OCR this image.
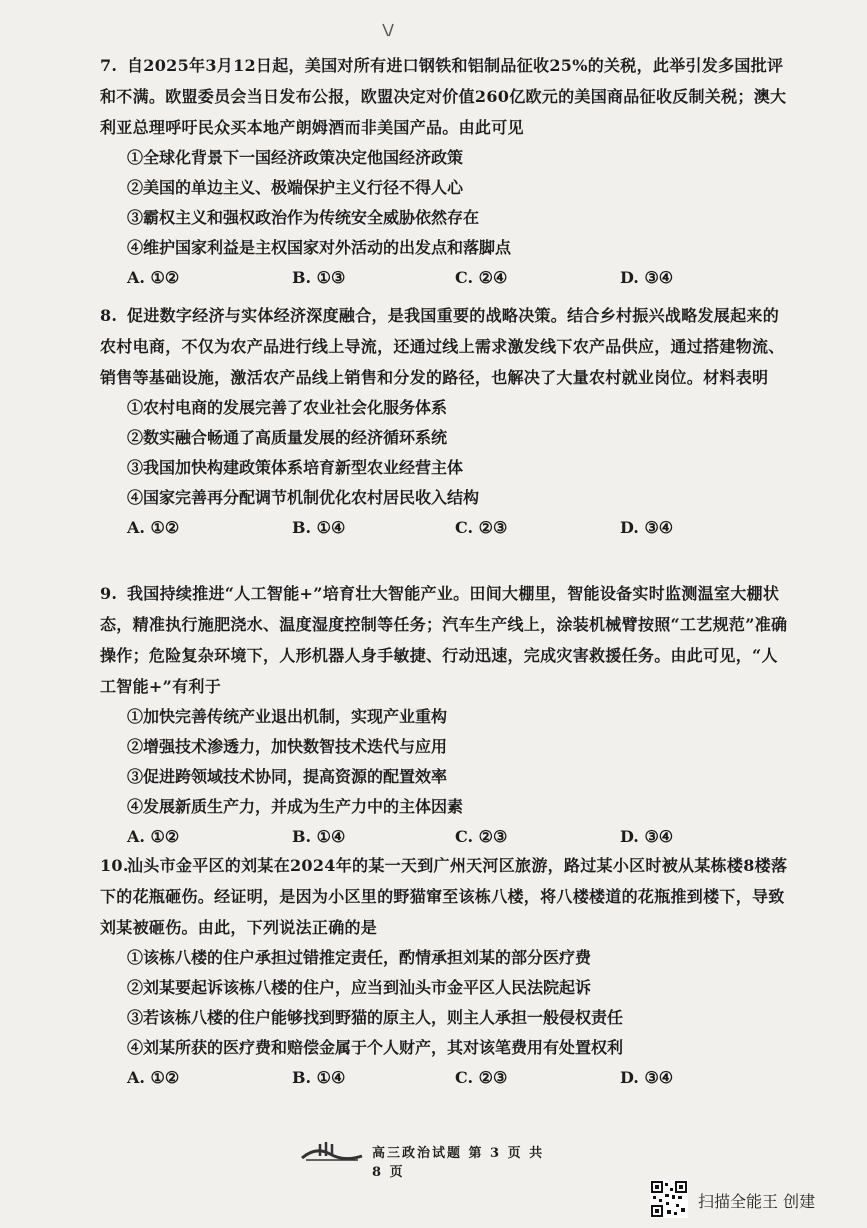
7. 自2025年3月12日起，美国对所有进口钢铁和铝制品征收25%的关税，此举引发多国批评和不满。欧盟委员会当日发布公报，欧盟决定对价值260亿欧元的美国商品征收反制关税；澳大利亚总理呼吁民众买本地产朗姆酒而非美国产品。由此可见

①全球化背景下一国经济政策决定他国经济政策

②美国的单边主义、极端保护主义行径不得人心

③霸权主义和强权政治作为传统安全威胁依然存在

④维护国家利益是主权国家对外活动的出发点和落脚点

A. ①②	B. ①③	C. ②④	D. ③④

8. 促进数字经济与实体经济深度融合，是我国重要的战略决策。结合乡村振兴战略发展起来的农村电商，不仅为农产品进行线上导流，还通过线上需求激发线下农产品供应，通过搭建物流、销售等基础设施，激活农产品线上销售和分发的路径，也解决了大量农村就业岗位。材料表明

①农村电商的发展完善了农业社会化服务体系

②数实融合畅通了高质量发展的经济循环系统

③我国加快构建政策体系培育新型农业经营主体

④国家完善再分配调节机制优化农村居民收入结构

A. ①②	B. ①④	C. ②③	D. ③④

9. 我国持续推进“人工智能+”培育壮大智能产业。田间大棚里，智能设备实时监测温室大棚状态，精准执行施肥浇水、温度湿度控制等任务；汽车生产线上，涂装机械臂按照“工艺规范”准确操作；危险复杂环境下，人形机器人身手敏捷、行动迅速，完成灾害救援任务。由此可见，“人工智能+”有利于

①加快完善传统产业退出机制，实现产业重构

②增强技术渗透力，加快数智技术迭代与应用

③促进跨领域技术协同，提高资源的配置效率

④发展新质生产力，并成为生产力中的主体因素

A. ①②	B. ①④	C. ②③	D. ③④

10.汕头市金平区的刘某在2024年的某一天到广州天河区旅游，路过某小区时被从某栋楼8楼落下的花瓶砸伤。经证明，是因为小区里的野猫窜至该栋八楼，将八楼楼道的花瓶推到楼下，导致刘某被砸伤。由此，下列说法正确的是

①该栋八楼的住户承担过错推定责任，酌情承担刘某的部分医疗费

②刘某要起诉该栋八楼的住户，应当到汕头市金平区人民法院起诉

③若该栋八楼的住户能够找到野猫的原主人，则主人承担一般侵权责任

④刘某所获的医疗费和赔偿金属于个人财产，其对该笔费用有处置权利

A. ①②	B. ①④	C. ②③	D. ③④
高三政治试题 第 3 页 共 8 页
扫描全能王 创建
